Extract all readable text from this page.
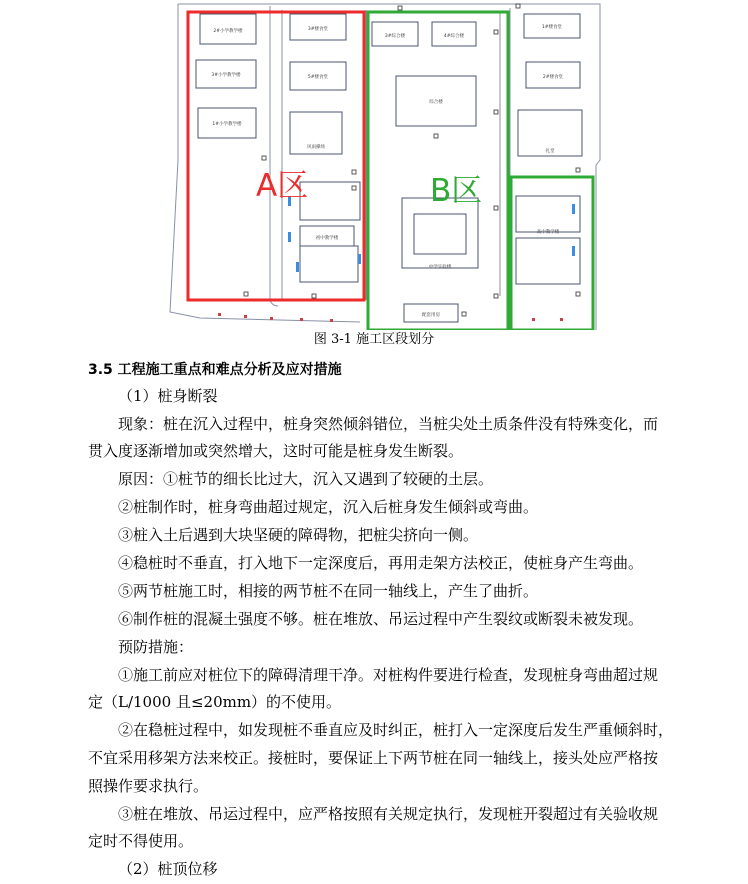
2#小学教学楼
3#小学教学楼
1#小学教学楼
3#楼食堂
5#楼食堂
风雨操场
初中教学楼
3#综合楼	4#综合楼
综合楼
中学实验楼
配套用房
1#楼食堂
2#楼食堂
礼堂
高中教学楼
A区	B区
图 3-1 施工区段划分
3.5 工程施工重点和难点分析及应对措施
（1）桩身断裂
现象：桩在沉入过程中，桩身突然倾斜错位，当桩尖处土质条件没有特殊变化，而
贯入度逐渐增加或突然增大，这时可能是桩身发生断裂。
原因：①桩节的细长比过大，沉入又遇到了较硬的土层。
②桩制作时，桩身弯曲超过规定，沉入后桩身发生倾斜或弯曲。
③桩入土后遇到大块坚硬的障碍物，把桩尖挤向一侧。
④稳桩时不垂直，打入地下一定深度后，再用走架方法校正，使桩身产生弯曲。
⑤两节桩施工时，相接的两节桩不在同一轴线上，产生了曲折。
⑥制作桩的混凝土强度不够。桩在堆放、吊运过程中产生裂纹或断裂未被发现。
预防措施：
①施工前应对桩位下的障碍清理干净。对桩构件要进行检查，发现桩身弯曲超过规
定（L/1000 且≤20mm）的不使用。
②在稳桩过程中，如发现桩不垂直应及时纠正，桩打入一定深度后发生严重倾斜时，
不宜采用移架方法来校正。接桩时，要保证上下两节桩在同一轴线上，接头处应严格按
照操作要求执行。
③桩在堆放、吊运过程中，应严格按照有关规定执行，发现桩开裂超过有关验收规
定时不得使用。
（2）桩顶位移
